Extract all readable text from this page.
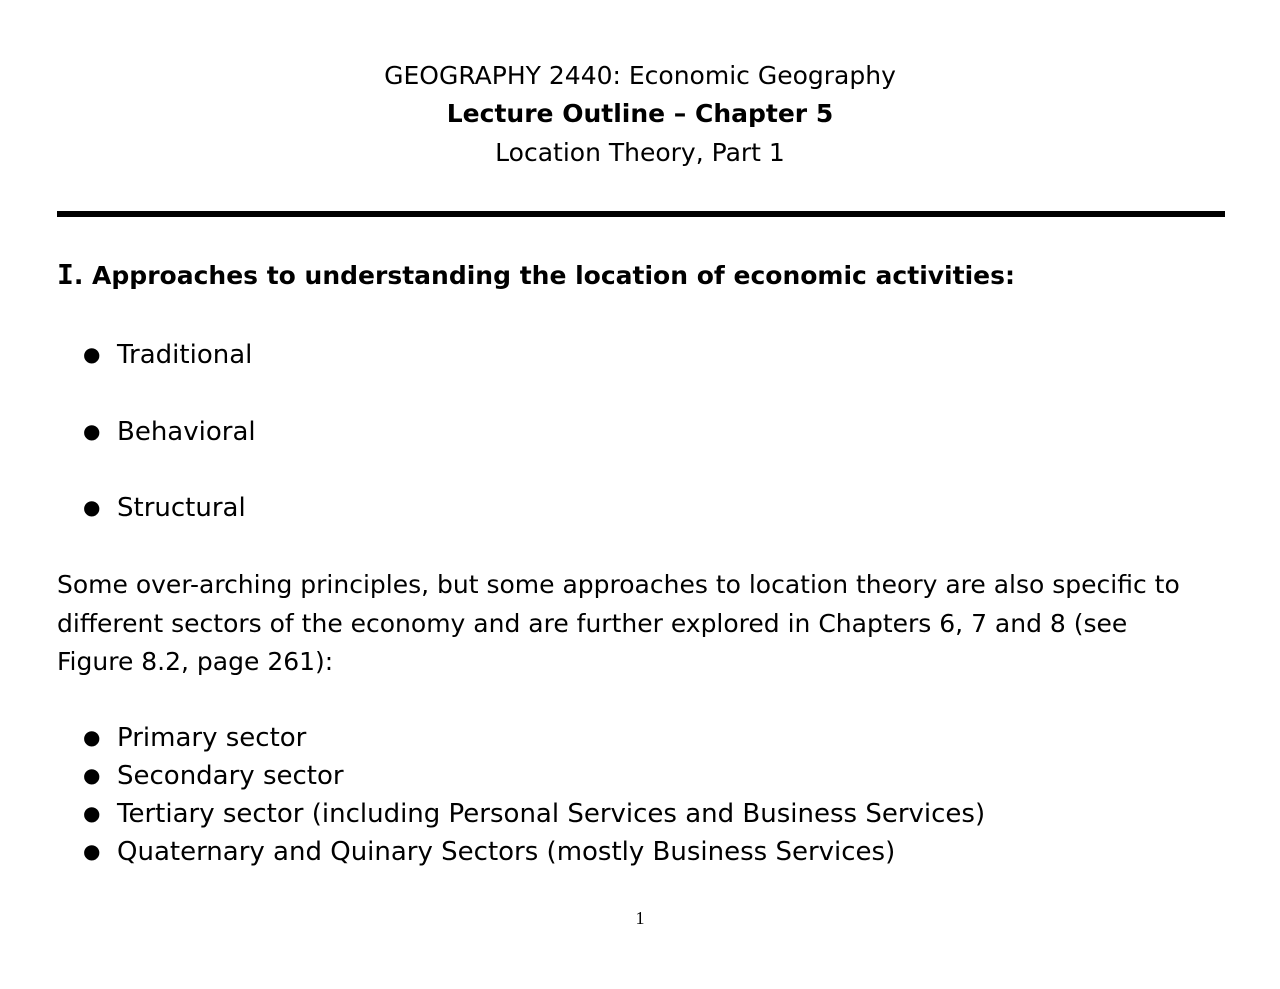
GEOGRAPHY 2440: Economic Geography
Lecture Outline – Chapter 5
Location Theory, Part 1
I. Approaches to understanding the location of economic activities:
● Traditional
● Behavioral
● Structural
Some over-arching principles, but some approaches to location theory are also specific to
different sectors of the economy and are further explored in Chapters 6, 7 and 8 (see
Figure 8.2, page 261):
● Primary sector
● Secondary sector
● Tertiary sector (including Personal Services and Business Services)
● Quaternary and Quinary Sectors (mostly Business Services)
1
